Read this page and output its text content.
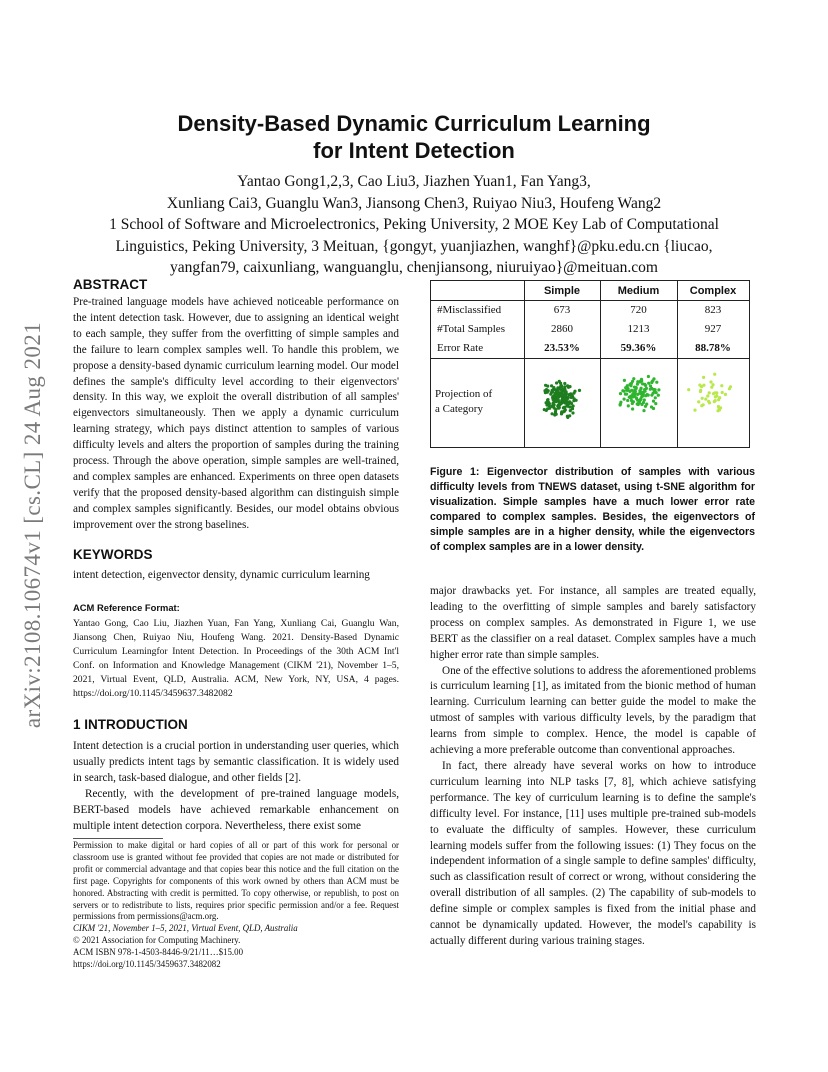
arXiv:2108.10674v1 [cs.CL] 24 Aug 2021
Density-Based Dynamic Curriculum Learning
for Intent Detection
Yantao Gong1,2,3, Cao Liu3, Jiazhen Yuan1, Fan Yang3,
Xunliang Cai3, Guanglu Wan3, Jiansong Chen3, Ruiyao Niu3, Houfeng Wang2
1 School of Software and Microelectronics, Peking University, 2 MOE Key Lab of Computational
Linguistics, Peking University, 3 Meituan, {gongyt, yuanjiazhen, wanghf}@pku.edu.cn {liucao,
yangfan79, caixunliang, wanguanglu, chenjiansong, niuruiyao}@meituan.com
ABSTRACT
Pre-trained language models have achieved noticeable performance on the intent detection task. However, due to assigning an identical weight to each sample, they suffer from the overfitting of simple samples and the failure to learn complex samples well. To handle this problem, we propose a density-based dynamic curriculum learning model. Our model defines the sample's difficulty level according to their eigenvectors' density. In this way, we exploit the overall distribution of all samples' eigenvectors simultaneously. Then we apply a dynamic curriculum learning strategy, which pays distinct attention to samples of various difficulty levels and alters the proportion of samples during the training process. Through the above operation, simple samples are well-trained, and complex samples are enhanced. Experiments on three open datasets verify that the proposed density-based algorithm can distinguish simple and complex samples significantly. Besides, our model obtains obvious improvement over the strong baselines.
KEYWORDS
intent detection, eigenvector density, dynamic curriculum learning
ACM Reference Format:
Yantao Gong, Cao Liu, Jiazhen Yuan, Fan Yang, Xunliang Cai, Guanglu Wan, Jiansong Chen, Ruiyao Niu, Houfeng Wang. 2021. Density-Based Dynamic Curriculum Learningfor Intent Detection. In Proceedings of the 30th ACM Int'l Conf. on Information and Knowledge Management (CIKM '21), November 1–5, 2021, Virtual Event, QLD, Australia. ACM, New York, NY, USA, 4 pages. https://doi.org/10.1145/3459637.3482082
1 INTRODUCTION

Intent detection is a crucial portion in understanding user queries, which usually predicts intent tags by semantic classification. It is widely used in search, task-based dialogue, and other fields [2].

Recently, with the development of pre-trained language models, BERT-based models have achieved remarkable enhancement on multiple intent detection corpora. Nevertheless, there exist some

Permission to make digital or hard copies of all or part of this work for personal or classroom use is granted without fee provided that copies are not made or distributed for profit or commercial advantage and that copies bear this notice and the full citation on the first page. Copyrights for components of this work owned by others than ACM must be honored. Abstracting with credit is permitted. To copy otherwise, or republish, to post on servers or to redistribute to lists, requires prior specific permission and/or a fee. Request permissions from permissions@acm.org.

CIKM '21, November 1–5, 2021, Virtual Event, QLD, Australia

© 2021 Association for Computing Machinery.

ACM ISBN 978-1-4503-8446-9/21/11…$15.00

https://doi.org/10.1145/3459637.3482082

	Simple	Medium	Complex
#Misclassified	673	720	823
#Total Samples	2860	1213	927
Error Rate	23.53%	59.36%	88.78%
Projection of
a Category
Figure 1: Eigenvector distribution of samples with various difficulty levels from TNEWS dataset, using t-SNE algorithm for visualization. Simple samples have a much lower error rate compared to complex samples. Besides, the eigenvectors of simple samples are in a higher density, while the eigenvectors of complex samples are in a lower density.

major drawbacks yet. For instance, all samples are treated equally, leading to the overfitting of simple samples and barely satisfactory process on complex samples. As demonstrated in Figure 1, we use BERT as the classifier on a real dataset. Complex samples have a much higher error rate than simple samples.

One of the effective solutions to address the aforementioned problems is curriculum learning [1], as imitated from the bionic method of human learning. Curriculum learning can better guide the model to make the utmost of samples with various difficulty levels, by the paradigm that learns from simple to complex. Hence, the model is capable of achieving a more preferable outcome than conventional approaches.

In fact, there already have several works on how to introduce curriculum learning into NLP tasks [7, 8], which achieve satisfying performance. The key of curriculum learning is to define the sample's difficulty level. For instance, [11] uses multiple pre-trained sub-models to evaluate the difficulty of samples. However, these curriculum learning models suffer from the following issues: (1) They focus on the independent information of a single sample to define samples' difficulty, such as classification result of correct or wrong, without considering the overall distribution of all samples. (2) The capability of sub-models to define simple or complex samples is fixed from the initial phase and cannot be dynamically updated. However, the model's capability is actually different during various training stages.
